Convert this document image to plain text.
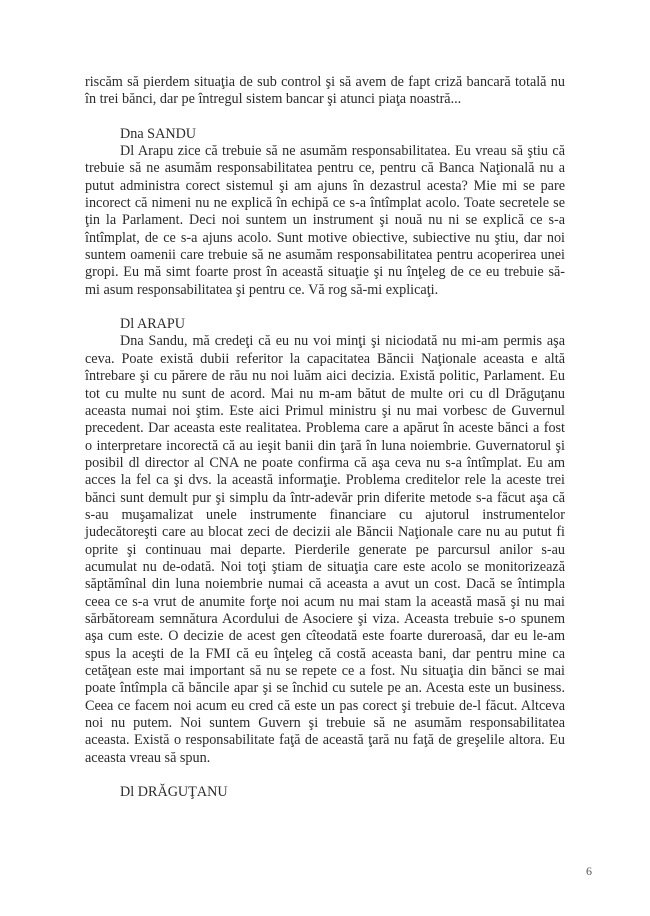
riscăm să pierdem situaţia de sub control şi să avem de fapt criză bancară totală nu
în trei bănci, dar pe întregul sistem bancar şi atunci piaţa noastră...
Dna SANDU
Dl Arapu zice că trebuie să ne asumăm responsabilitatea. Eu vreau să ştiu că
trebuie să ne asumăm responsabilitatea pentru ce, pentru că Banca Naţională nu a
putut administra corect sistemul şi am ajuns în dezastrul acesta? Mie mi se pare
incorect că nimeni nu ne explică în echipă ce s-a întîmplat acolo. Toate secretele se
ţin la Parlament. Deci noi suntem un instrument şi nouă nu ni se explică ce s-a
întîmplat, de ce s-a ajuns acolo. Sunt motive obiective, subiective nu ştiu, dar noi
suntem oamenii care trebuie să ne asumăm responsabilitatea pentru acoperirea unei
gropi. Eu mă simt foarte prost în această situaţie şi nu înţeleg de ce eu trebuie să-
mi asum responsabilitatea şi pentru ce. Vă rog să-mi explicaţi.
Dl ARAPU
Dna Sandu, mă credeţi că eu nu voi minţi şi niciodată nu mi-am permis aşa
ceva. Poate există dubii referitor la capacitatea Băncii Naţionale aceasta e altă
întrebare şi cu părere de rău nu noi luăm aici decizia. Există politic, Parlament. Eu
tot cu multe nu sunt de acord. Mai nu m-am bătut de multe ori cu dl Drăguţanu
aceasta numai noi ştim. Este aici Primul ministru şi nu mai vorbesc de Guvernul
precedent. Dar aceasta este realitatea. Problema care a apărut în aceste bănci a fost
o interpretare incorectă că au ieşit banii din ţară în luna noiembrie. Guvernatorul şi
posibil dl director al CNA ne poate confirma că aşa ceva nu s-a întîmplat. Eu am
acces la fel ca şi dvs. la această informaţie. Problema creditelor rele la aceste trei
bănci sunt demult pur şi simplu da într-adevăr prin diferite metode s-a făcut aşa că
s-au muşamalizat unele instrumente financiare cu ajutorul instrumentelor
judecătoreşti care au blocat zeci de decizii ale Băncii Naţionale care nu au putut fi
oprite şi continuau mai departe. Pierderile generate pe parcursul anilor s-au
acumulat nu de-odată. Noi toţi ştiam de situaţia care este acolo se monitorizează
săptămînal din luna noiembrie numai că aceasta a avut un cost. Dacă se întimpla
ceea ce s-a vrut de anumite forţe noi acum nu mai stam la această masă şi nu mai
sărbătoream semnătura Acordului de Asociere şi viza. Aceasta trebuie s-o spunem
aşa cum este. O decizie de acest gen cîteodată este foarte dureroasă, dar eu le-am
spus la aceşti de la FMI că eu înţeleg că costă aceasta bani, dar pentru mine ca
cetăţean este mai important să nu se repete ce a fost. Nu situaţia din bănci se mai
poate întîmpla că băncile apar şi se închid cu sutele pe an. Acesta este un business.
Ceea ce facem noi acum eu cred că este un pas corect şi trebuie de-l făcut. Altceva
noi nu putem. Noi suntem Guvern şi trebuie să ne asumăm responsabilitatea
aceasta. Există o responsabilitate faţă de această ţară nu faţă de greşelile altora. Eu
aceasta vreau să spun.
Dl DRĂGUŢANU
6
